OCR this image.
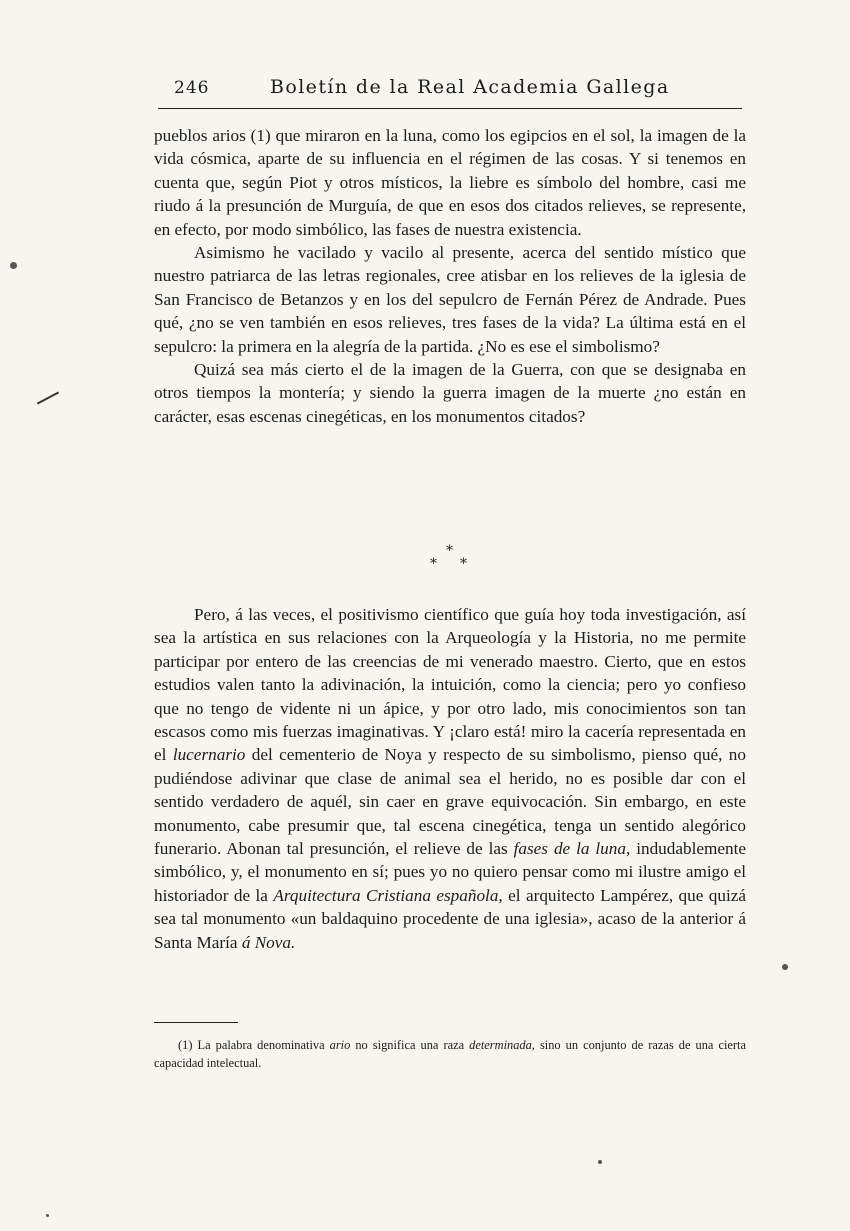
246	Boletín de la Real Academia Gallega

pueblos arios (1) que miraron en la luna, como los egipcios en el sol, la imagen de la vida cósmica, aparte de su influencia en el régimen de las cosas. Y si tenemos en cuenta que, según Piot y otros místicos, la liebre es símbolo del hombre, casi me riudo á la presunción de Murguía, de que en esos dos citados relieves, se represente, en efecto, por modo simbólico, las fases de nuestra existencia.

Asimismo he vacilado y vacilo al presente, acerca del sentido místico que nuestro patriarca de las letras regionales, cree atisbar en los relieves de la iglesia de San Francisco de Betanzos y en los del sepulcro de Fernán Pérez de Andrade. Pues qué, ¿no se ven también en esos relieves, tres fases de la vida? La última está en el sepulcro: la primera en la alegría de la partida. ¿No es ese el simbolismo?

Quizá sea más cierto el de la imagen de la Guerra, con que se designaba en otros tiempos la montería; y siendo la guerra imagen de la muerte ¿no están en carácter, esas escenas cinegéticas, en los monumentos citados?

*
* *

Pero, á las veces, el positivismo científico que guía hoy toda investigación, así sea la artística en sus relaciones con la Arqueología y la Historia, no me permite participar por entero de las creencias de mi venerado maestro. Cierto, que en estos estudios valen tanto la adivinación, la intuición, como la ciencia; pero yo confieso que no tengo de vidente ni un ápice, y por otro lado, mis conocimientos son tan escasos como mis fuerzas imaginativas. Y ¡claro está! miro la cacería representada en el lucernario del cementerio de Noya y respecto de su simbolismo, pienso qué, no pudiéndose adivinar que clase de animal sea el herido, no es posible dar con el sentido verdadero de aquél, sin caer en grave equivocación. Sin embargo, en este monumento, cabe presumir que, tal escena cinegética, tenga un sentido alegórico funerario. Abonan tal presunción, el relieve de las fases de la luna, indudablemente simbólico, y, el monumento en sí; pues yo no quiero pensar como mi ilustre amigo el historiador de la Arquitectura Cristiana española, el arquitecto Lampérez, que quizá sea tal monumento «un baldaquino procedente de una iglesia», acaso de la anterior á Santa María á Nova.

(1) La palabra denominativa ario no significa una raza determinada, sino un conjunto de razas de una cierta capacidad intelectual.
